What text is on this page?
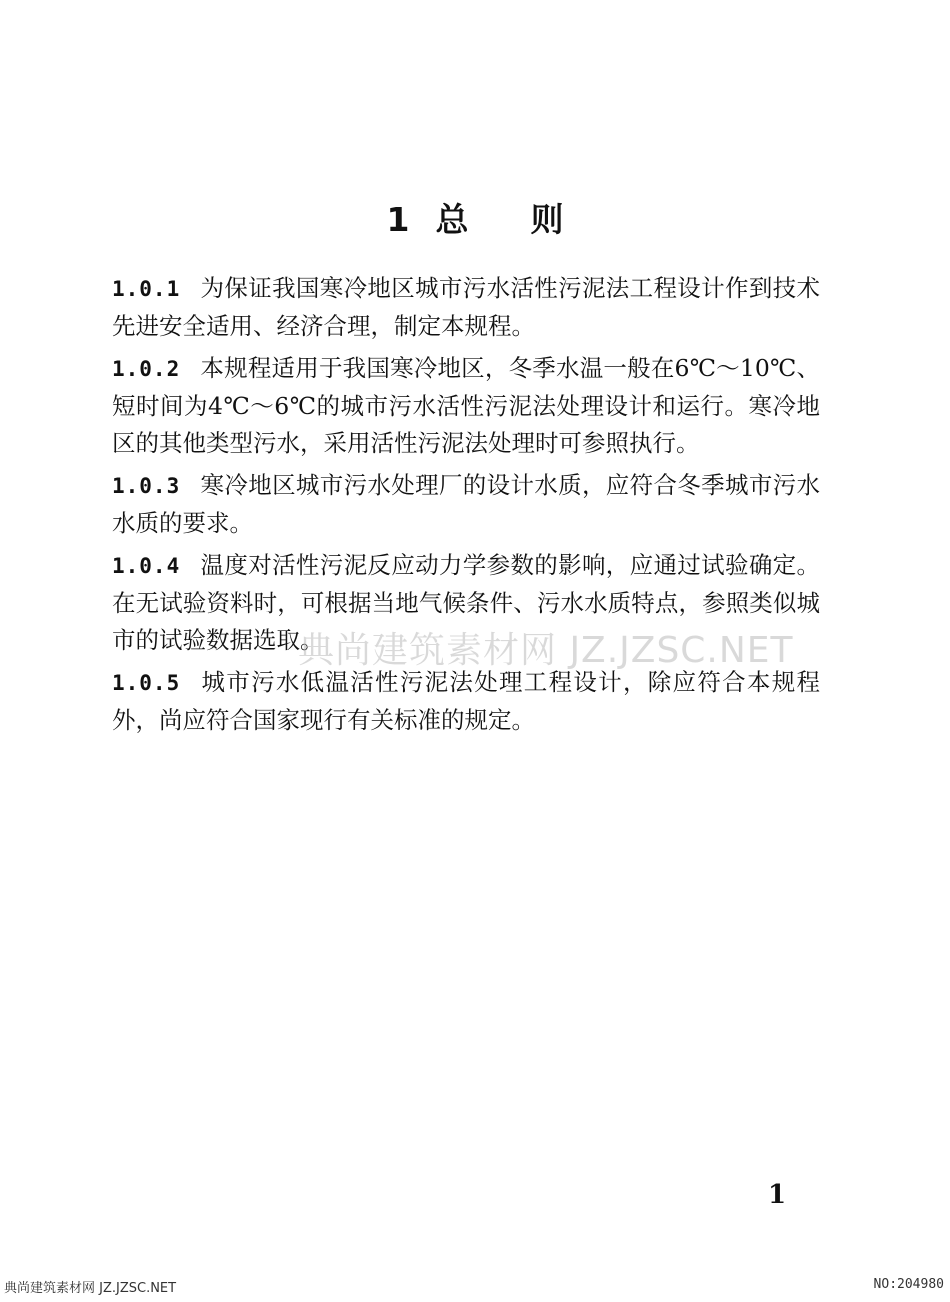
1 总 则

1.0.1 为保证我国寒冷地区城市污水活性污泥法工程设计作到技术先进安全适用、经济合理，制定本规程。

1.0.2 本规程适用于我国寒冷地区，冬季水温一般在6℃～10℃、短时间为4℃～6℃的城市污水活性污泥法处理设计和运行。寒冷地区的其他类型污水，采用活性污泥法处理时可参照执行。

1.0.3 寒冷地区城市污水处理厂的设计水质，应符合冬季城市污水水质的要求。

1.0.4 温度对活性污泥反应动力学参数的影响，应通过试验确定。在无试验资料时，可根据当地气候条件、污水水质特点，参照类似城市的试验数据选取。

1.0.5 城市污水低温活性污泥法处理工程设计，除应符合本规程外，尚应符合国家现行有关标准的规定。

典尚建筑素材网 JZ.JZSC.NET
1
典尚建筑素材网 JZ.JZSC.NET	NO:204980
